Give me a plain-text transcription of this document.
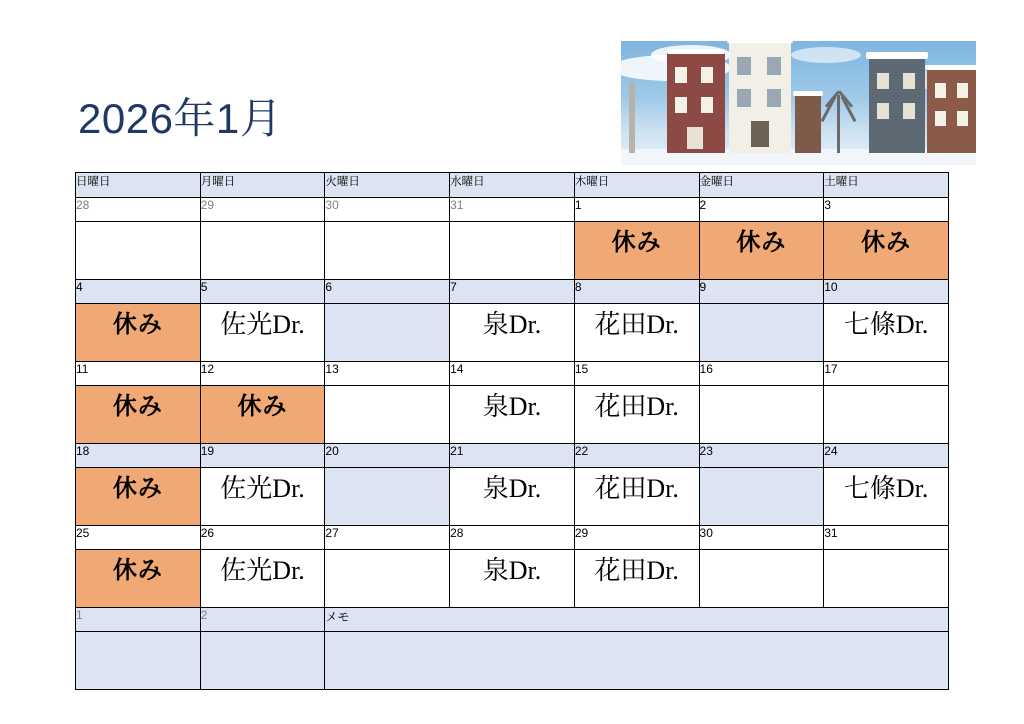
2026年1月
日曜日	月曜日	火曜日	水曜日	木曜日	金曜日	土曜日
28	29	30	31	1	2	3
				休み	休み	休み
4	5	6	7	8	9	10
休み	佐光Dr.		泉Dr.	花田Dr.		七條Dr.
11	12	13	14	15	16	17
休み	休み		泉Dr.	花田Dr.		
18	19	20	21	22	23	24
休み	佐光Dr.		泉Dr.	花田Dr.		七條Dr.
25	26	27	28	29	30	31
休み	佐光Dr.		泉Dr.	花田Dr.		
1	2	メモ				
